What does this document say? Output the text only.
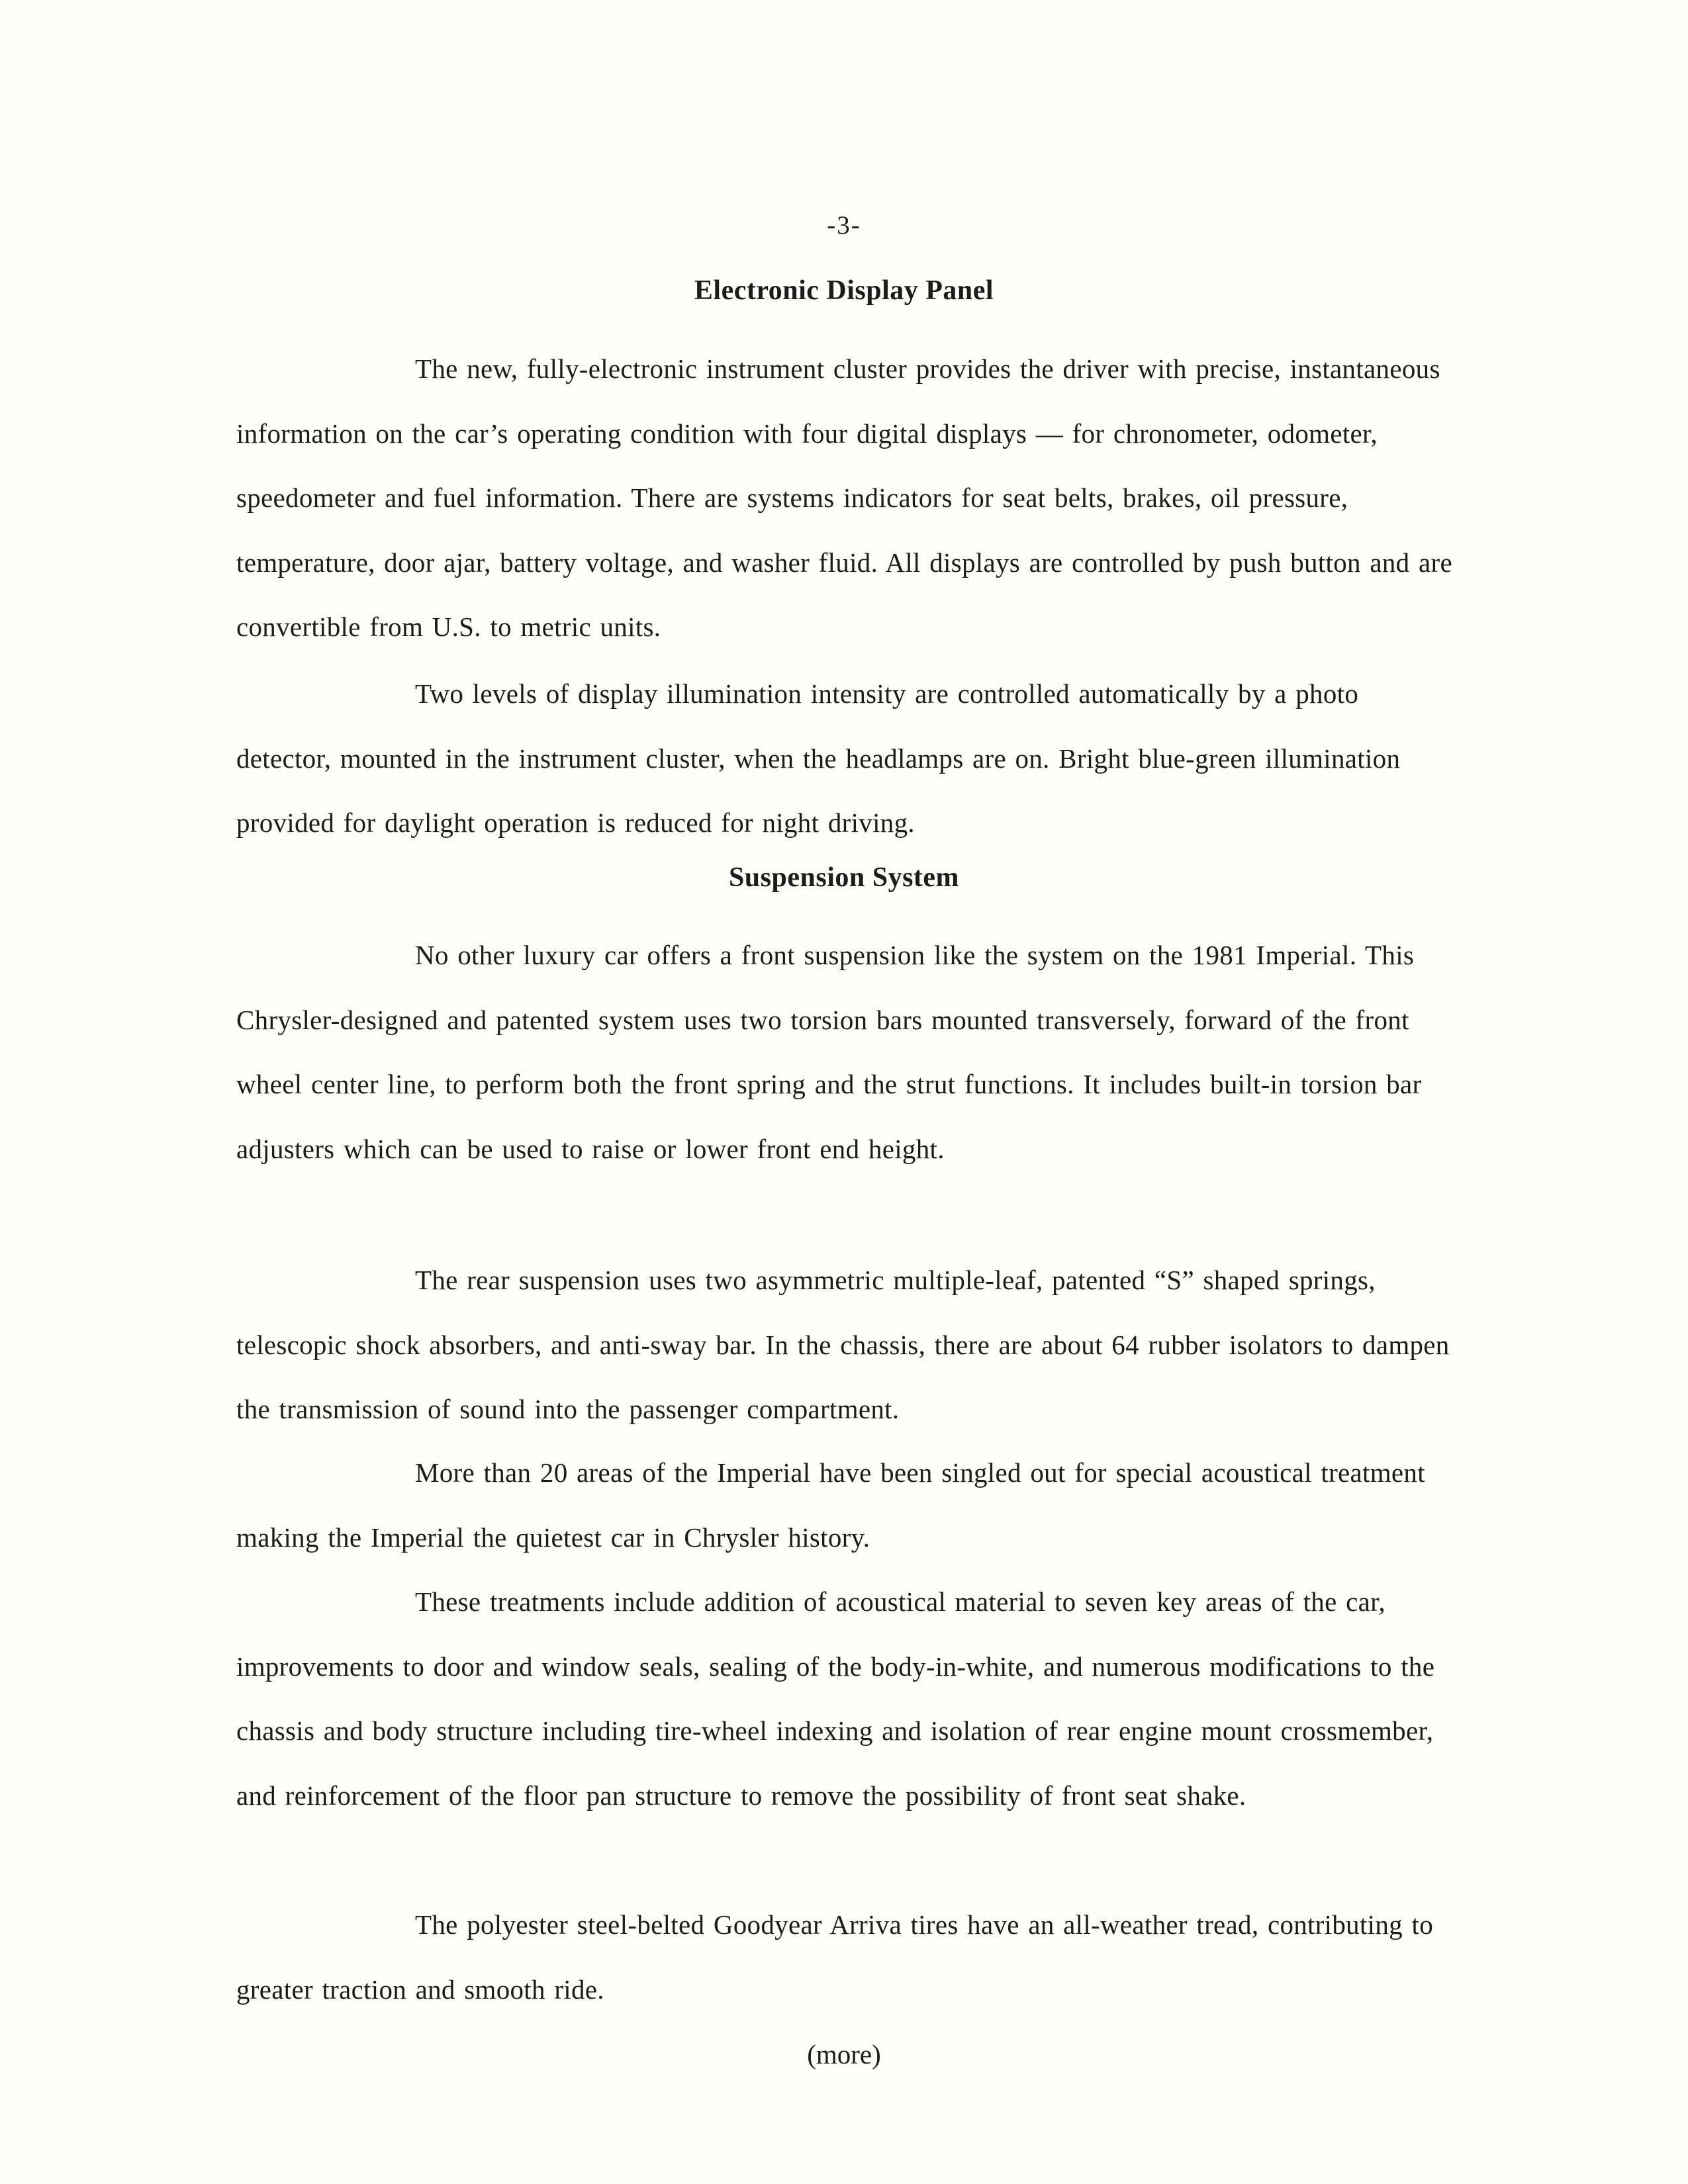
-3-
Electronic Display Panel

The new, fully-electronic instrument cluster provides the driver with precise, instantaneous information on the car’s operating condition with four digital displays — for chronometer, odometer, speedometer and fuel information. There are systems indicators for seat belts, brakes, oil pressure, temperature, door ajar, battery voltage, and washer fluid. All displays are controlled by push button and are convertible from U.S. to metric units.

Two levels of display illumination intensity are controlled automatically by a photo detector, mounted in the instrument cluster, when the headlamps are on. Bright blue-green illumination provided for daylight operation is reduced for night driving.

Suspension System

No other luxury car offers a front suspension like the system on the 1981 Imperial. This Chrysler-designed and patented system uses two torsion bars mounted transversely, forward of the front wheel center line, to perform both the front spring and the strut functions. It includes built-in torsion bar adjusters which can be used to raise or lower front end height.

The rear suspension uses two asymmetric multiple-leaf, patented “S” shaped springs, telescopic shock absorbers, and anti-sway bar. In the chassis, there are about 64 rubber isolators to dampen the transmission of sound into the passenger compartment.

More than 20 areas of the Imperial have been singled out for special acoustical treatment making the Imperial the quietest car in Chrysler history.

These treatments include addition of acoustical material to seven key areas of the car, improvements to door and window seals, sealing of the body-in-white, and numerous modifications to the chassis and body structure including tire-wheel indexing and isolation of rear engine mount crossmember, and reinforcement of the floor pan structure to remove the possibility of front seat shake.

The polyester steel-belted Goodyear Arriva tires have an all-weather tread, contributing to greater traction and smooth ride.

(more)
